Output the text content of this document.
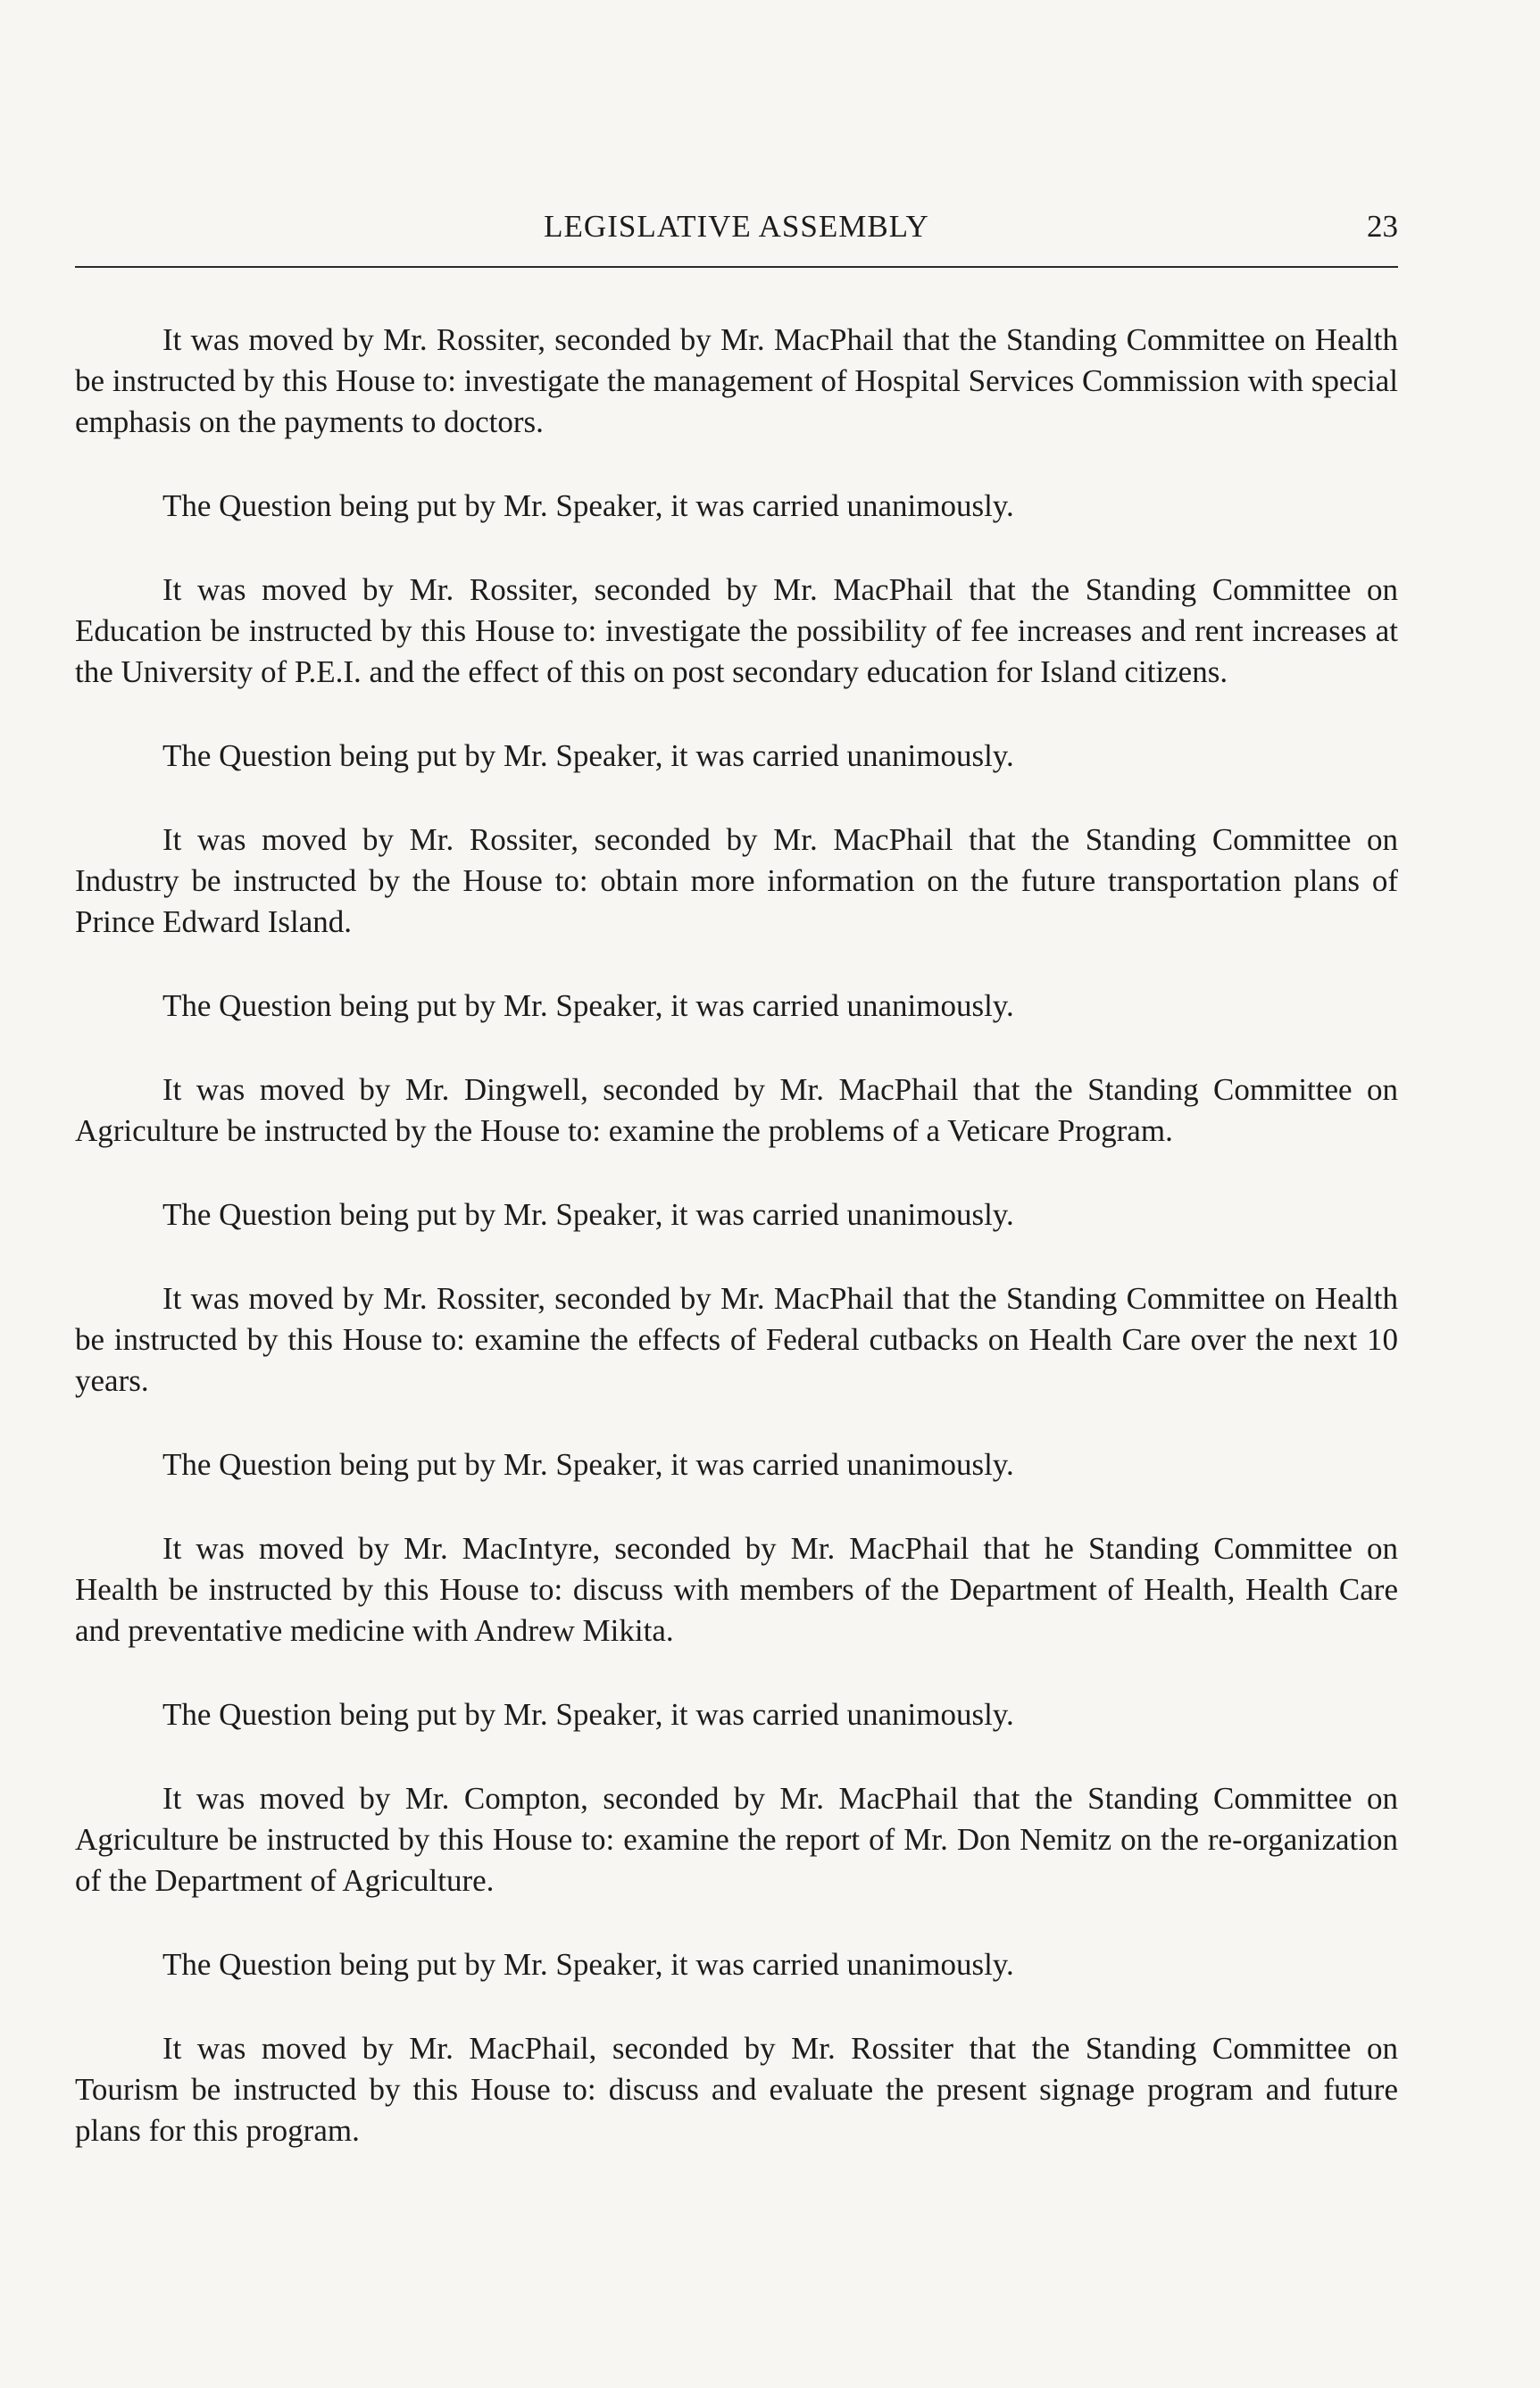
LEGISLATIVE ASSEMBLY	23

It was moved by Mr. Rossiter, seconded by Mr. MacPhail that the Standing Committee on Health be instructed by this House to: investigate the management of Hospital Services Commission with special emphasis on the payments to doctors.

The Question being put by Mr. Speaker, it was carried unanimously.

It was moved by Mr. Rossiter, seconded by Mr. MacPhail that the Standing Committee on Education be instructed by this House to: investigate the possibility of fee increases and rent increases at the University of P.E.I. and the effect of this on post secondary education for Island citizens.

The Question being put by Mr. Speaker, it was carried unanimously.

It was moved by Mr. Rossiter, seconded by Mr. MacPhail that the Standing Committee on Industry be instructed by the House to: obtain more information on the future transportation plans of Prince Edward Island.

The Question being put by Mr. Speaker, it was carried unanimously.

It was moved by Mr. Dingwell, seconded by Mr. MacPhail that the Standing Committee on Agriculture be instructed by the House to: examine the problems of a Veticare Program.

The Question being put by Mr. Speaker, it was carried unanimously.

It was moved by Mr. Rossiter, seconded by Mr. MacPhail that the Standing Committee on Health be instructed by this House to: examine the effects of Federal cutbacks on Health Care over the next 10 years.

The Question being put by Mr. Speaker, it was carried unanimously.

It was moved by Mr. MacIntyre, seconded by Mr. MacPhail that he Standing Committee on Health be instructed by this House to: discuss with members of the Department of Health, Health Care and preventative medicine with Andrew Mikita.

The Question being put by Mr. Speaker, it was carried unanimously.

It was moved by Mr. Compton, seconded by Mr. MacPhail that the Standing Committee on Agriculture be instructed by this House to: examine the report of Mr. Don Nemitz on the re-organization of the Department of Agriculture.

The Question being put by Mr. Speaker, it was carried unanimously.

It was moved by Mr. MacPhail, seconded by Mr. Rossiter that the Standing Committee on Tourism be instructed by this House to: discuss and evaluate the present signage program and future plans for this program.
